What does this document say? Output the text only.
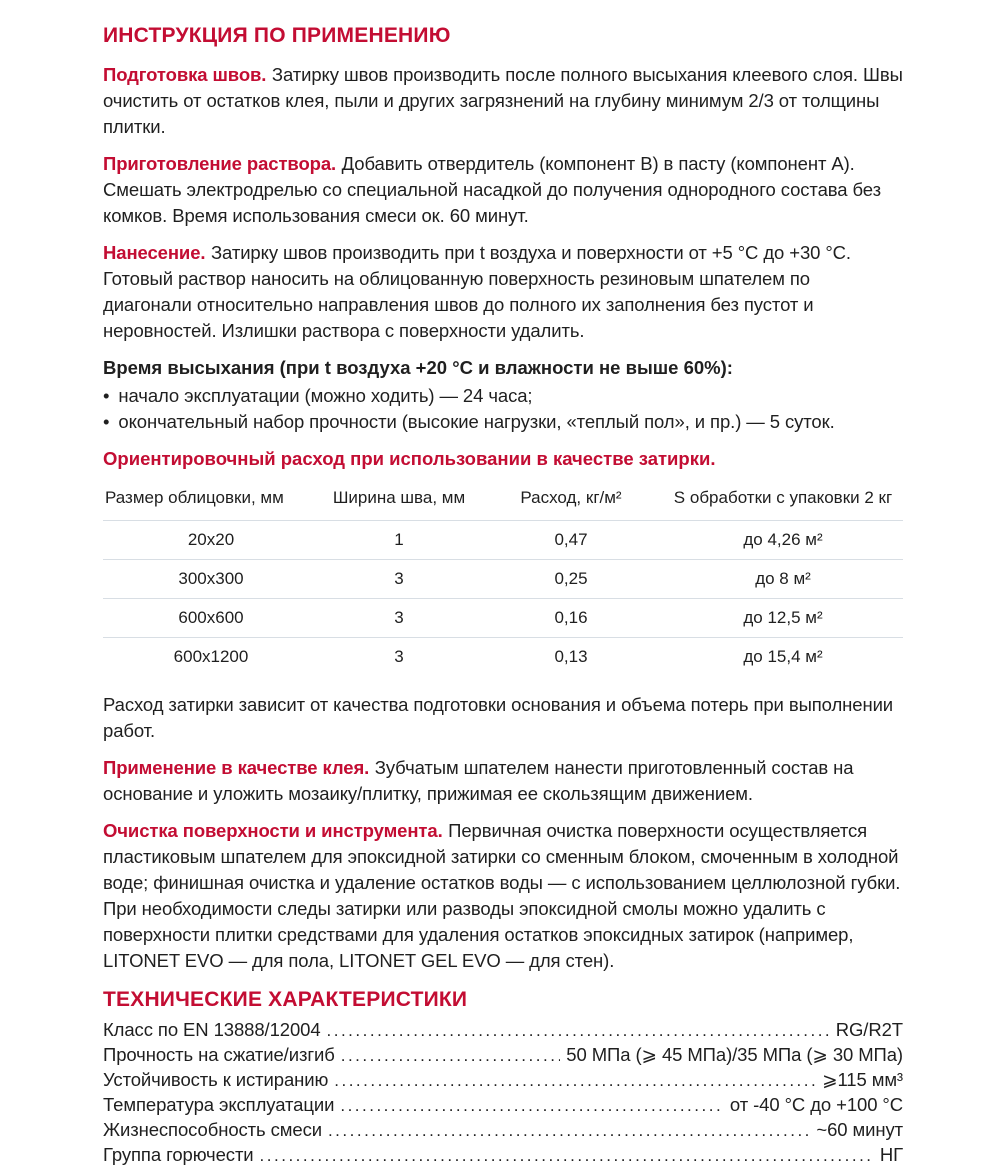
ИНСТРУКЦИЯ ПО ПРИМЕНЕНИЮ

Подготовка швов. Затирку швов производить после полного высыхания клеевого слоя. Швы очистить от остатков клея, пыли и других загрязнений на глубину минимум 2/3 от толщины плитки.

Приготовление раствора. Добавить отвердитель (компонент В) в пасту (компонент А). Смешать электродрелью со специальной насадкой до получения однородного состава без комков. Время использования смеси ок. 60 минут.

Нанесение. Затирку швов производить при t воздуха и поверхности от +5 °C до +30 °C. Готовый раствор наносить на облицованную поверхность резиновым шпателем по диагонали относительно направления швов до полного их заполнения без пустот и неровностей. Излишки раствора с поверхности удалить.

Время высыхания (при t воздуха +20 °C и влажности не выше 60%):

• начало эксплуатации (можно ходить) — 24 часа;
• окончательный набор прочности (высокие нагрузки, «теплый пол», и пр.) — 5 суток.

Ориентировочный расход при использовании в качестве затирки.

Размер облицовки, мм	Ширина шва, мм	Расход, кг/м²	S обработки с упаковки 2 кг
20x20	1	0,47	до 4,26 м²
300x300	3	0,25	до 8 м²
600x600	3	0,16	до 12,5 м²
600x1200	3	0,13	до 15,4 м²

Расход затирки зависит от качества подготовки основания и объема потерь при выполнении работ.

Применение в качестве клея. Зубчатым шпателем нанести приготовленный состав на основание и уложить мозаику/плитку, прижимая ее скользящим движением.

Очистка поверхности и инструмента. Первичная очистка поверхности осуществляется пластиковым шпателем для эпоксидной затирки со сменным блоком, смоченным в холодной воде; финишная очистка и удаление остатков воды — с использованием целлюлозной губки. При необходимости следы затирки или разводы эпоксидной смолы можно удалить с поверхности плитки средствами для удаления остатков эпоксидных затирок (например, LITONET EVO — для пола, LITONET GEL EVO — для стен).

ТЕХНИЧЕСКИЕ ХАРАКТЕРИСТИКИ
Класс по EN 13888/12004 .....	RG/R2T
Прочность на сжатие/изгиб .....	50 МПа (⩾ 45 МПа)/35 МПа (⩾ 30 МПа)
Устойчивость к истиранию .....	⩾115 мм³
Температура эксплуатации .....	от -40 °C до +100 °C
Жизнеспособность смеси .....	~60 минут
Группа горючести .....	НГ
